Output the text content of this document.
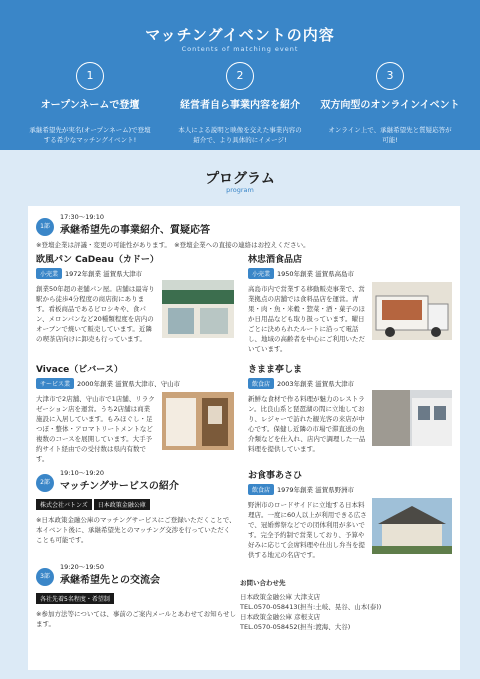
マッチングイベントの内容
Contents of matching event
1
オープンネームで登壇
承継希望先が実名(オープンネーム)で登壇する希少なマッチングイベント!
2
経営者自ら事業内容を紹介
本人による説明と映像を交えた事業内容の紹介で、より具体的にイメージ!
3
双方向型のオンラインイベント
オンライン上で、承継希望先と質疑応答が可能!
プログラム
program
1部
17:30～19:10
承継希望先の事業紹介、質疑応答
※登壇企業は評議・変更の可能性があります。　※登壇企業への直接の連絡はお控えください。
欧風パン CaDeau（カドー）
小売業 1972年創業 滋賀県大津市
創業50年超の老舗パン屋。店舗は最寄り駅から徒歩4分程度の商店街にあります。看板商品であるピロシキや、食パン、メロンパンなど20種類程度を店内のオーブンで焼いて販売しています。近隣の喫茶店向けに卸売も行っています。
林忠酒食品店
小売業 1950年創業 滋賀県高島市
高島市内で営業する移動販売事業で、営業拠点の店舗では食料品店を運営。青果・肉・魚・米穀・惣菜・酒・菓子のほか日用品なども取り扱っています。曜日ごとに決められたルートに沿って電話し、地域の高齢者を中心にご利用いただいています。
Vivace（ビバース）
サービス業 2000年創業 滋賀県大津市、守山市
大津市で2店舗、守山市で1店舗、リラクゼーション店を運営。うち2店舗は商業施設に入居しています。もみほぐし・足つぼ・整体・アロマトリートメントなど複数のコースを展開しています。大手予約サイト経由での受付数は県内有数です。
きまま亭しま
飲食店 2003年創業 滋賀県大津市
新鮮な食材で作る料理が魅力のレストラン。比良山系と琵琶湖の間に立地しており、レジャーで訪れた観光客の来店が中心です。保健し近隣の市場で滞直送の魚介類などを仕入れ、店内で調理した一品料理を提供しています。
お食事あさひ
飲食店 1979年創業 滋賀県野洲市
野洲市のロードサイドに立地する日本料理店。一度に60人以上が利用できる広さで、冠婚葬祭などでの団体利用が多いです。完全予約制で営業しており、予算や好みに応じて会席料理や仕出し弁当を提供する地元の名店です。
2部
19:10～19:20
マッチングサービスの紹介
株式会社バトンズ 日本政策金融公庫
※日本政策金融公庫のマッチングサービスにご登録いただくことで、本イベント後に、承継希望先とのマッチング交渉を行っていただくことも可能です。
3部
19:20～19:50
承継希望先との交流会
各社先着5名程度・希望制
※参加方法等については、事前のご案内メールとあわせてお知らせします。
お問い合わせ先
日本政策金融公庫 大津支店
TEL.0570-058413(担当:土岐、晃谷、山本(泰))
日本政策金融公庫 彦根支店
TEL.0570-058452(担当:渡海、大谷)
